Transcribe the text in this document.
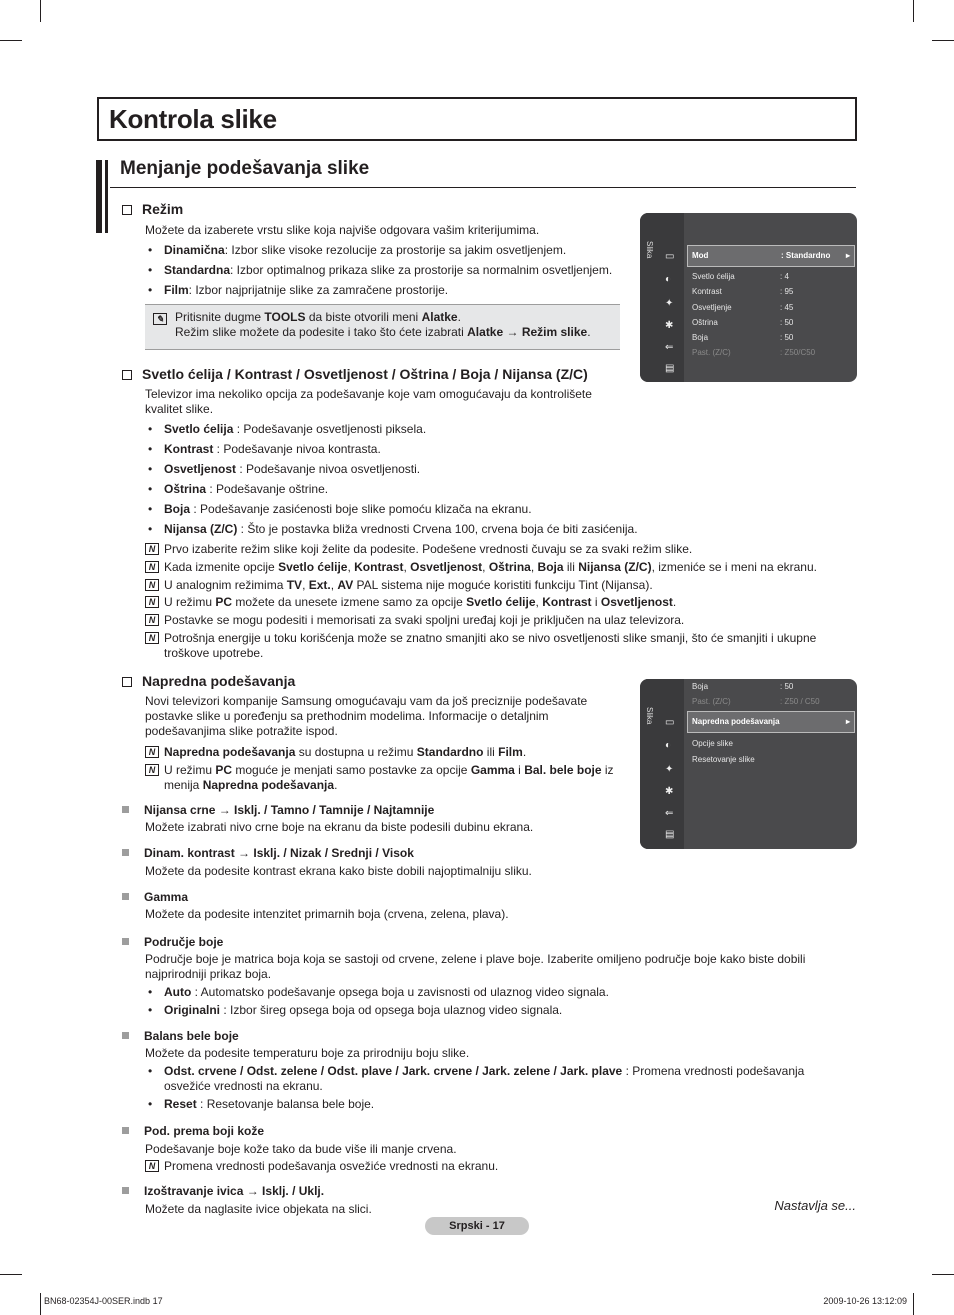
Kontrola slike
Menjanje podešavanja slike
Režim
Možete da izaberete vrstu slike koja najviše odgovara vašim kriterijumima.
• Dinamična: Izbor slike visoke rezolucije za prostorije sa jakim osvetljenjem.
• Standardna: Izbor optimalnog prikaza slike za prostorije sa normalnim osvetljenjem.
• Film: Izbor najprijatnije slike za zamračene prostorije.
✎ Pritisnite dugme TOOLS da biste otvorili meni Alatke.
Režim slike možete da podesite i tako što ćete izabrati Alatke → Režim slike.
Slika	▭
◐
✦
✱
⇐
▤
Mod	: Standardno ▸
Svetlo ćelija	: 4
Kontrast	: 95
Osvetljenje	: 45
Oštrina	: 50
Boja	: 50
Past. (Z/C)	: Z50/C50
Svetlo ćelija / Kontrast / Osvetljenost / Oštrina / Boja / Nijansa (Z/C)
Televizor ima nekoliko opcija za podešavanje koje vam omogućavaju da kontrolišete kvalitet slike.
• Svetlo ćelija : Podešavanje osvetljenosti piksela.
• Kontrast : Podešavanje nivoa kontrasta.
• Osvetljenost : Podešavanje nivoa osvetljenosti.
• Oštrina : Podešavanje oštrine.
• Boja : Podešavanje zasićenosti boje slike pomoću klizača na ekranu.
• Nijansa (Z/C) : Što je postavka bliža vrednosti Crvena 100, crvena boja će biti zasićenija.
N Prvo izaberite režim slike koji želite da podesite. Podešene vrednosti čuvaju se za svaki režim slike.
N Kada izmenite opcije Svetlo ćelije, Kontrast, Osvetljenost, Oštrina, Boja ili Nijansa (Z/C), izmeniće se i meni na ekranu.
N U analognim režimima TV, Ext., AV PAL sistema nije moguće koristiti funkciju Tint (Nijansa).
N U režimu PC možete da unesete izmene samo za opcije Svetlo ćelije, Kontrast i Osvetljenost.
N Postavke se mogu podesiti i memorisati za svaki spoljni uređaj koji je priključen na ulaz televizora.
N Potrošnja energije u toku korišćenja može se znatno smanjiti ako se nivo osvetljenosti slike smanji, što će smanjiti i ukupne troškove upotrebe.
Napredna podešavanja
Novi televizori kompanije Samsung omogućavaju vam da još preciznije podešavate postavke slike u poređenju sa prethodnim modelima. Informacije o detaljnim podešavanjima slike potražite ispod.
N Napredna podešavanja su dostupna u režimu Standardno ili Film.
N U režimu PC moguće je menjati samo postavke za opcije Gamma i Bal. bele boje iz menija Napredna podešavanja.
Slika	▭
◐
✦
✱
⇐
▤
Boja	: 50
Past. (Z/C)	: Z50 / C50
Napredna podešavanja	▸
Opcije slike
Resetovanje slike
Nijansa crne → Isklj. / Tamno / Tamnije / Najtamnije
Možete izabrati nivo crne boje na ekranu da biste podesili dubinu ekrana.
Dinam. kontrast → Isklj. / Nizak / Srednji / Visok
Možete da podesite kontrast ekrana kako biste dobili najoptimalniju sliku.
Gamma
Možete da podesite intenzitet primarnih boja (crvena, zelena, plava).
Područje boje
Područje boje je matrica boja koja se sastoji od crvene, zelene i plave boje. Izaberite omiljeno područje boje kako biste dobili najprirodniji prikaz boja.
• Auto : Automatsko podešavanje opsega boja u zavisnosti od ulaznog video signala.
• Originalni : Izbor šireg opsega boja od opsega boja ulaznog video signala.
Balans bele boje
Možete da podesite temperaturu boje za prirodniju boju slike.
• Odst. crvene / Odst. zelene / Odst. plave / Jark. crvene / Jark. zelene / Jark. plave : Promena vrednosti podešavanja osvežiće vrednosti na ekranu.
• Reset : Resetovanje balansa bele boje.
Pod. prema boji kože
Podešavanje boje kože tako da bude više ili manje crvena.
N Promena vrednosti podešavanja osvežiće vrednosti na ekranu.
Izoštravanje ivica → Isklj. / Uklj.
Možete da naglasite ivice objekata na slici.	Nastavlja se...
Srpski - 17
BN68-02354J-00SER.indb 17	2009-10-26 13:12:09
